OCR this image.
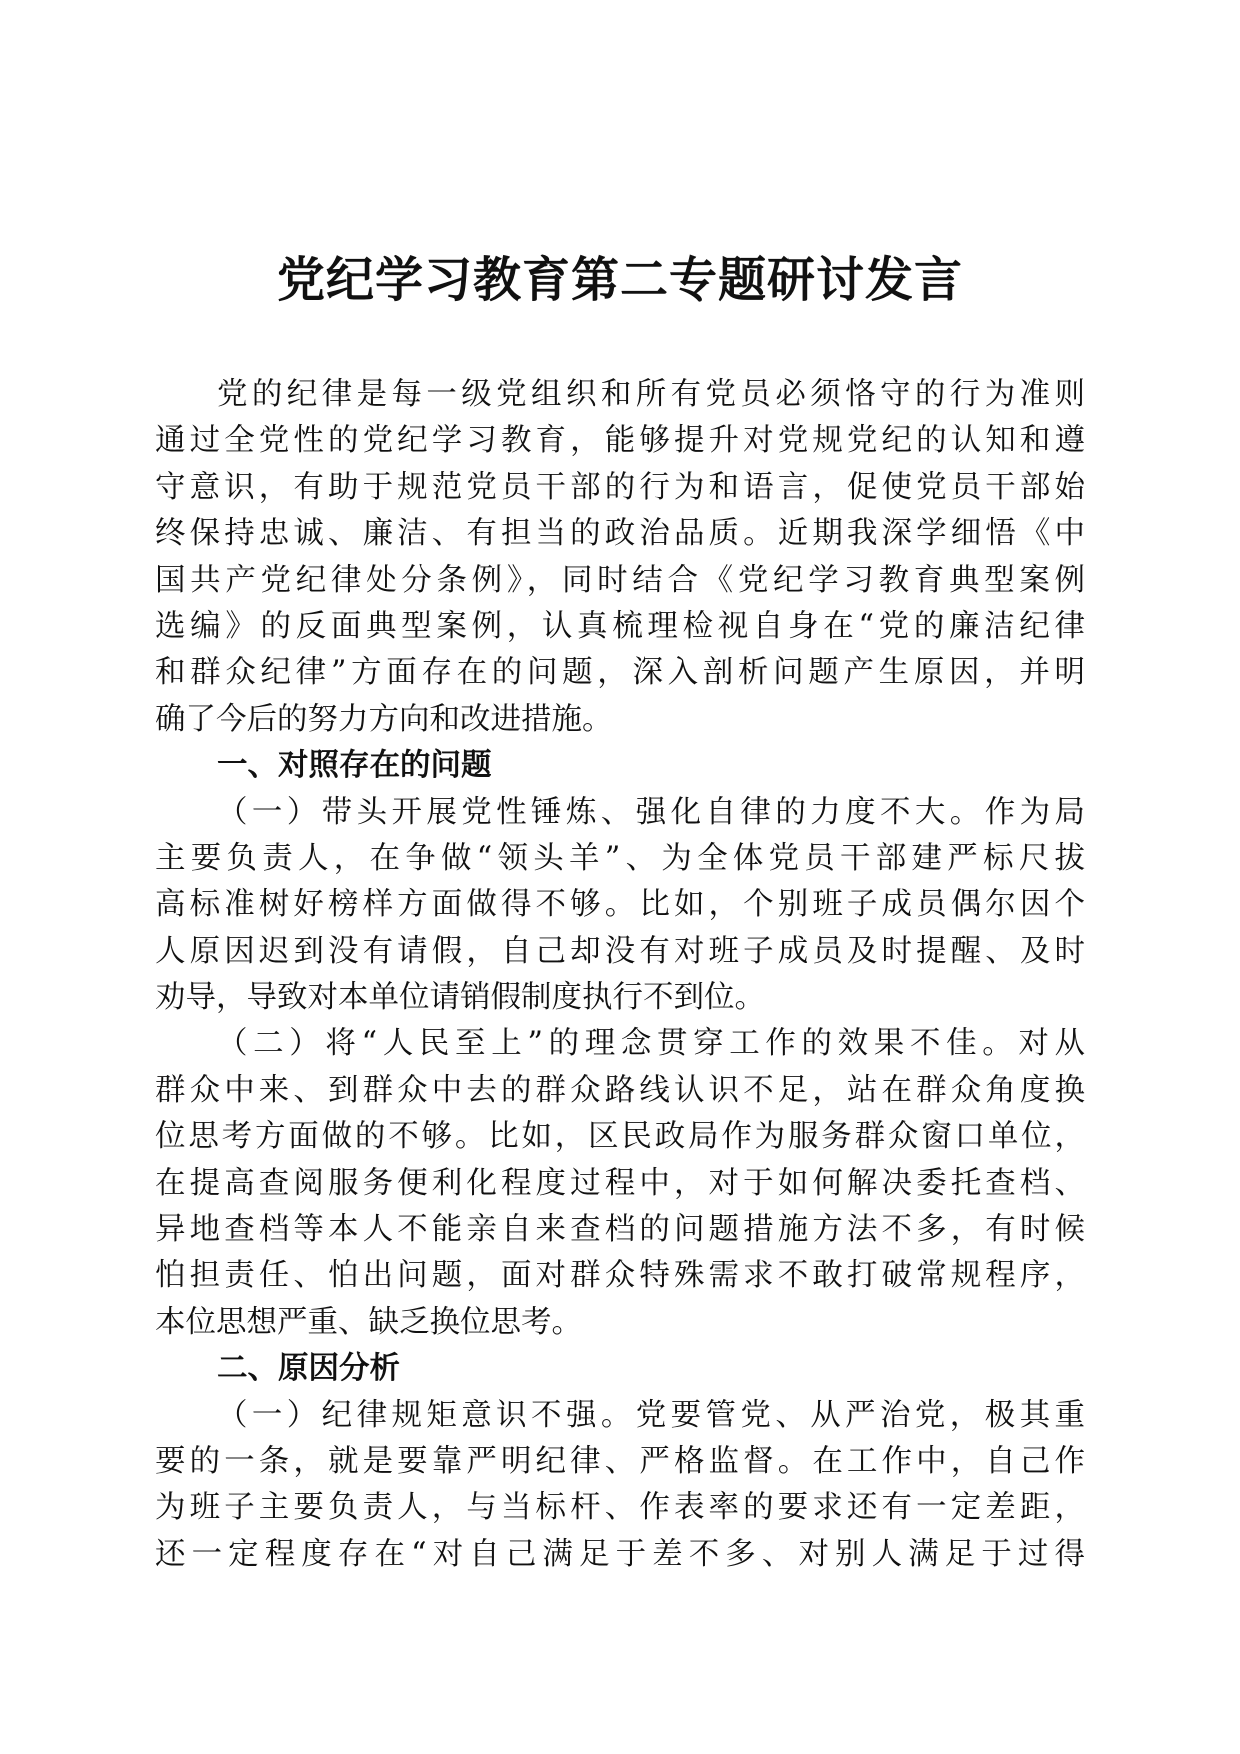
党纪学习教育第二专题研讨发言
党的纪律是每一级党组织和所有党员必须恪守的行为准则
通过全党性的党纪学习教育，能够提升对党规党纪的认知和遵
守意识，有助于规范党员干部的行为和语言，促使党员干部始
终保持忠诚、廉洁、有担当的政治品质。近期我深学细悟《中
国共产党纪律处分条例》，同时结合《党纪学习教育典型案例
选编》的反面典型案例，认真梳理检视自身在“党的廉洁纪律
和群众纪律”方面存在的问题，深入剖析问题产生原因，并明
确了今后的努力方向和改进措施。
一、对照存在的问题
（一）带头开展党性锤炼、强化自律的力度不大。作为局
主要负责人，在争做“领头羊”、为全体党员干部建严标尺拔
高标准树好榜样方面做得不够。比如，个别班子成员偶尔因个
人原因迟到没有请假，自己却没有对班子成员及时提醒、及时
劝导，导致对本单位请销假制度执行不到位。
（二）将“人民至上”的理念贯穿工作的效果不佳。对从
群众中来、到群众中去的群众路线认识不足，站在群众角度换
位思考方面做的不够。比如，区民政局作为服务群众窗口单位，
在提高查阅服务便利化程度过程中，对于如何解决委托查档、
异地查档等本人不能亲自来查档的问题措施方法不多，有时候
怕担责任、怕出问题，面对群众特殊需求不敢打破常规程序，
本位思想严重、缺乏换位思考。
二、原因分析
（一）纪律规矩意识不强。党要管党、从严治党，极其重
要的一条，就是要靠严明纪律、严格监督。在工作中，自己作
为班子主要负责人，与当标杆、作表率的要求还有一定差距，
还一定程度存在“对自己满足于差不多、对别人满足于过得
